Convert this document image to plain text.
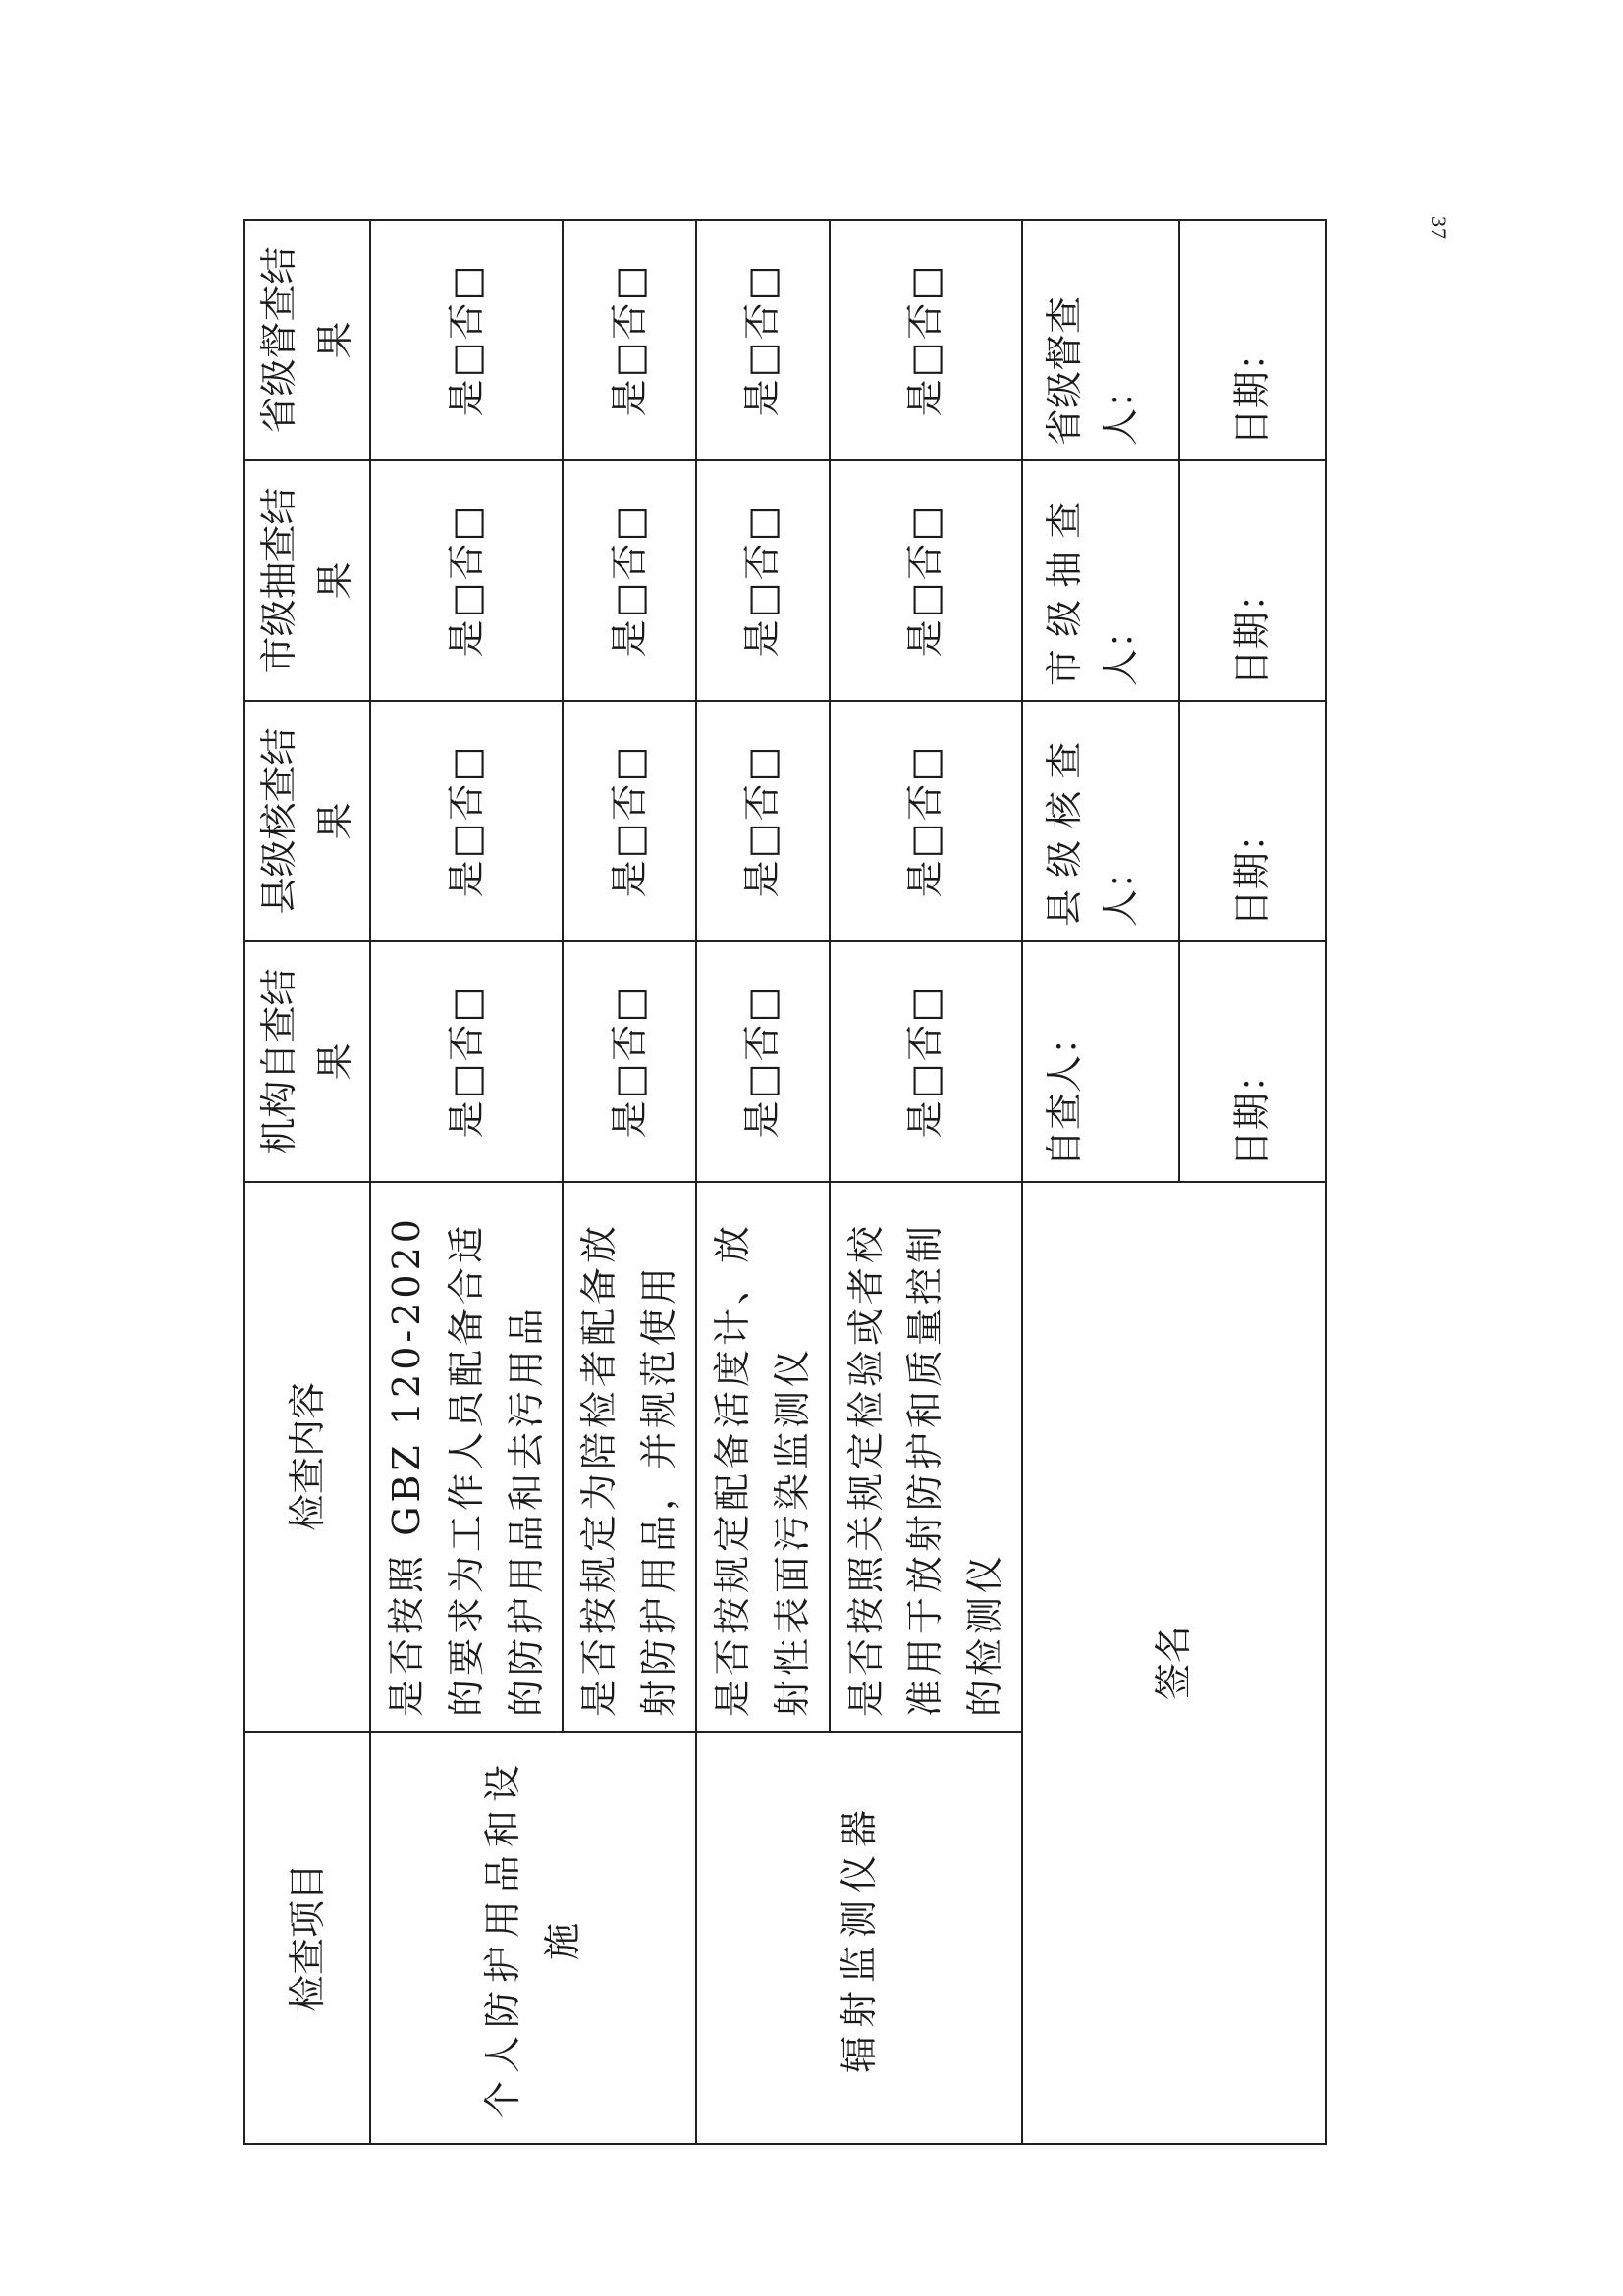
37
检查项目	检查内容	机构自查结果	县级核查结果	市级抽查结果	省级督查结果
个人防护用品和设施	是否按照 GBZ 120-2020 的要求为工作人员配备合适的防护用品和去污用品	是□否□	是□否□	是□否□	是□否□
	是否按规定为陪检者配备放射防护用品，并规范使用	是□否□	是□否□	是□否□	是□否□
辐射监测仪器	是否按规定配备活度计、放射性表面污染监测仪	是□否□	是□否□	是□否□	是□否□
	是否按照关规定检验或者校准用于放射防护和质量控制的检测仪	是□否□	是□否□	是□否□	是□否□
签名		自查人：	县 级 核 查 人：	市 级 抽 查 人：	省级督查人：
		日期：	日期：	日期：	日期：
